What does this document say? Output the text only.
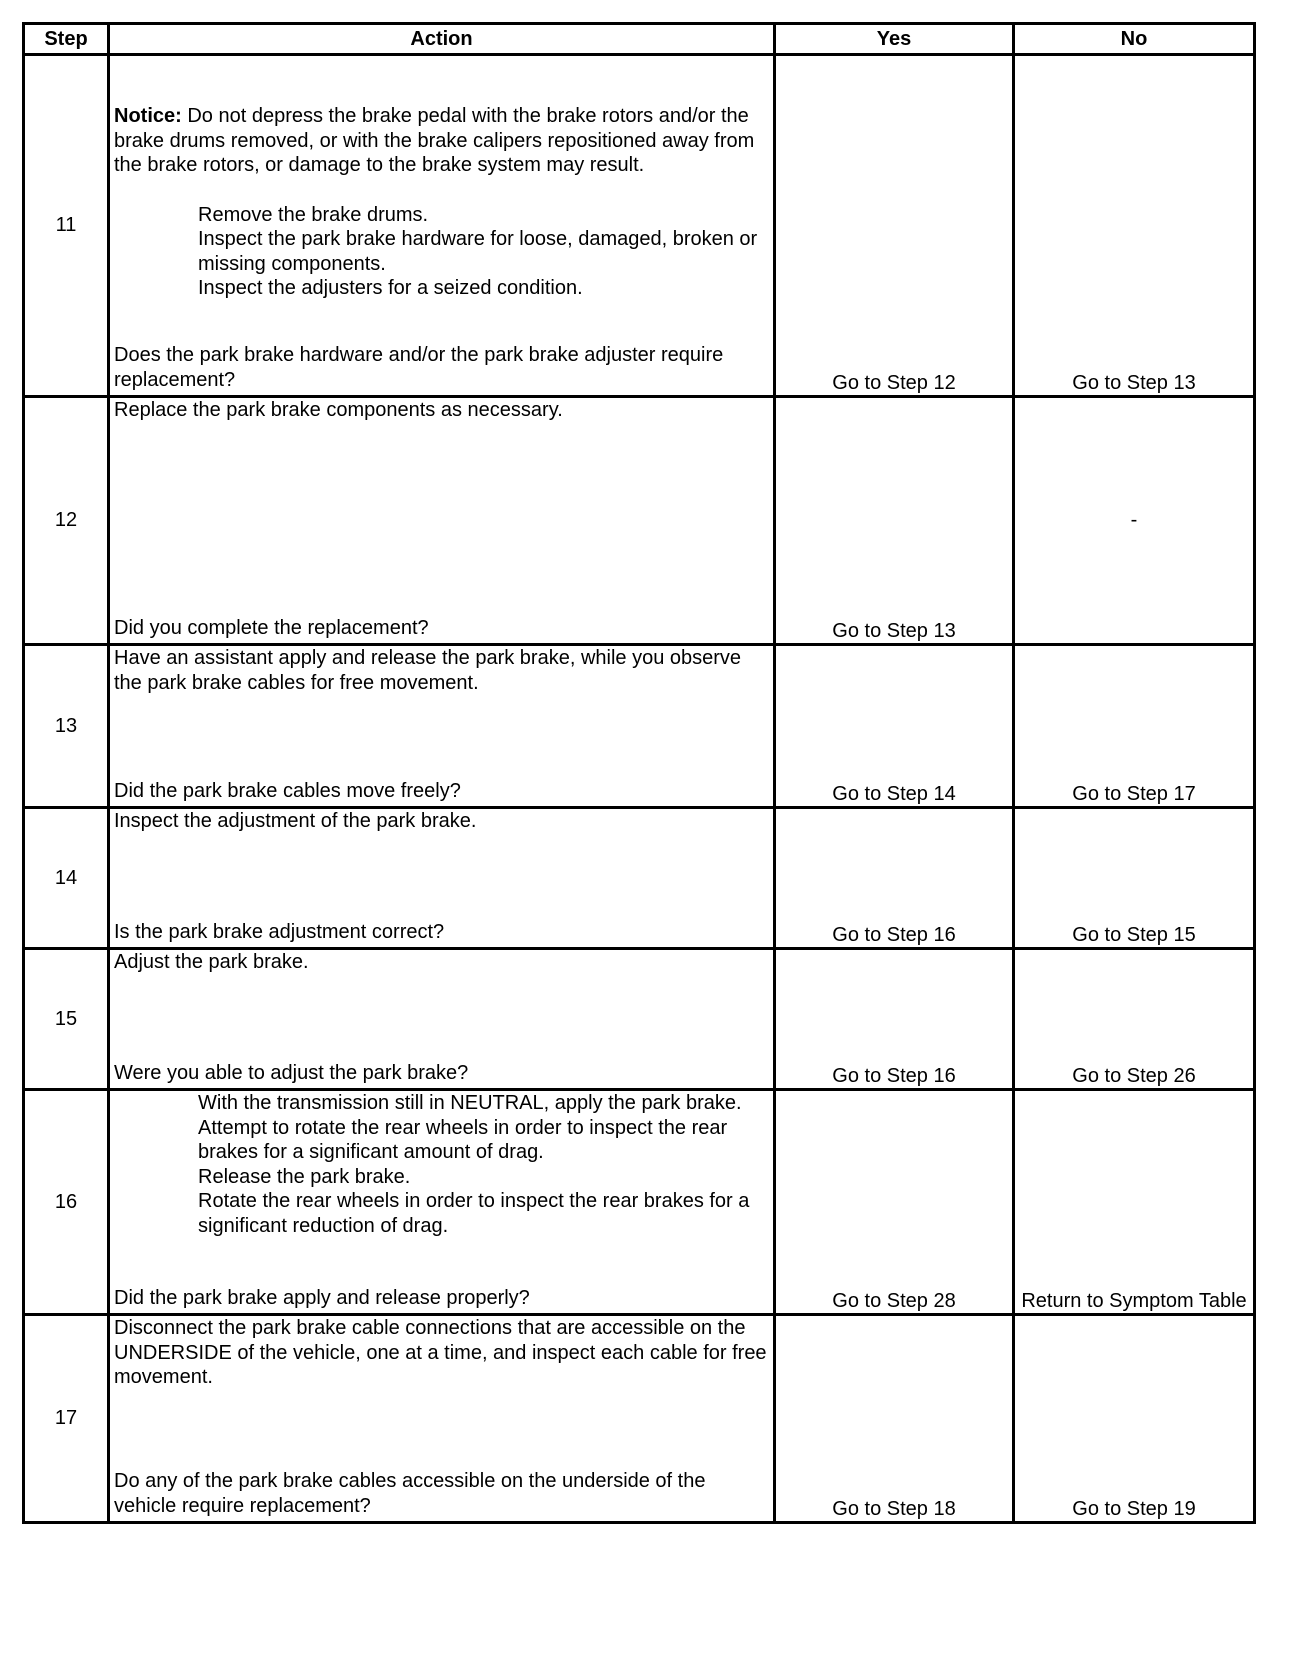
Step	Action	Yes	No
11	Notice: Do not depress the brake pedal with the brake rotors and/or the brake drums removed, or with the brake calipers repositioned away from the brake rotors, or damage to the brake system may result.

Remove the brake drums.

Inspect the park brake hardware for loose, damaged, broken or missing components.

Inspect the adjusters for a seized condition.

Does the park brake hardware and/or the park brake adjuster require replacement?	Go to Step 12	Go to Step 13
12	Replace the park brake components as necessary.

Did you complete the replacement?	Go to Step 13	-
13	Have an assistant apply and release the park brake, while you observe the park brake cables for free movement.

Did the park brake cables move freely?	Go to Step 14	Go to Step 17
14	Inspect the adjustment of the park brake.

Is the park brake adjustment correct?	Go to Step 16	Go to Step 15
15	Adjust the park brake.

Were you able to adjust the park brake?	Go to Step 16	Go to Step 26
16	With the transmission still in NEUTRAL, apply the park brake.

Attempt to rotate the rear wheels in order to inspect the rear brakes for a significant amount of drag.

Release the park brake.

Rotate the rear wheels in order to inspect the rear brakes for a significant reduction of drag.

Did the park brake apply and release properly?	Go to Step 28	Return to Symptom Table
17	Disconnect the park brake cable connections that are accessible on the UNDERSIDE of the vehicle, one at a time, and inspect each cable for free movement.

Do any of the park brake cables accessible on the underside of the vehicle require replacement?	Go to Step 18	Go to Step 19
